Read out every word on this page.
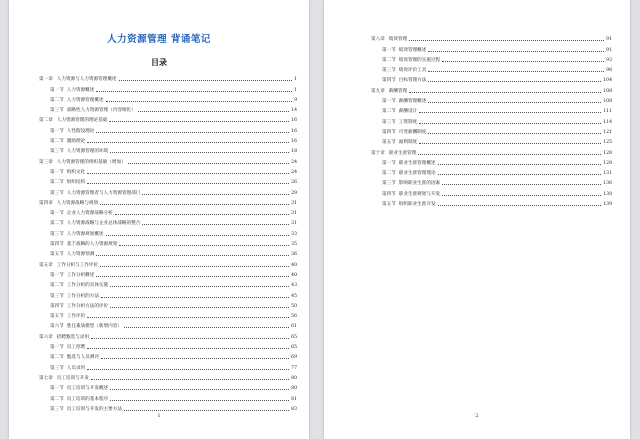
人力资源管理 背诵笔记
目录
第一章 人力资源与人力资源管理概述	1
第一节 人力资源概述	1
第二节 人力资源管理概述	9
第三节 战略性人力资源管理（内容细化）	14
第二章 人力资源管理的理论基础	16
第一节 人性假设理论	16
第二节 激励理论	16
第三节 人力资源管理的环境	18
第三章 人力资源管理的组织基础（增加）	24
第一节 组织文化	24
第二节 组织结构	26
第三节 人力资源管理者与人力资源管理部门	29
第四章 人力资源战略与规划	31
第一节 企业人力资源战略分析	31
第二节 人力资源战略与企业总体战略的整合	31
第三节 人力资源规划概述	33
第四节 基于战略的人力资源规划	35
第五节 人力资源预测	36
第五章 工作分析与工作评价	40
第一节 工作分析概述	40
第二节 工作分析的具体实施	43
第三节 工作分析的方法	45
第四节 工作分析方法的评价	50
第五节 工作评价	56
第六节 胜任素质模型（新增内容）	61
第六章 招聘甄选与录用	65
第一节 员工招聘	65
第二节 甄选与人员测评	69
第三节 人员录用	77
第七章 员工培训与开发	80
第一节 员工培训与开发概述	80
第二节 员工培训的基本程序	81
第三节 员工培训与开发的主要方法	83
1
第八章 绩效管理	91
第一节 绩效管理概述	91
第二节 绩效管理的实施过程	93
第三节 绩效评价工具	98
第四节 目标管理方法	104
第九章 薪酬管理	108
第一节 薪酬管理概述	108
第二节 薪酬设计	111
第三节 工资制度	114
第四节 可变薪酬制度	121
第五节 福利制度	125
第十章 职业生涯管理	128
第一节 职业生涯管理概述	128
第二节 职业生涯管理理论	131
第三节 影响职业生涯的因素	136
第四节 职业生涯规划与开发	138
第五节 组织职业生涯开发	139
2
